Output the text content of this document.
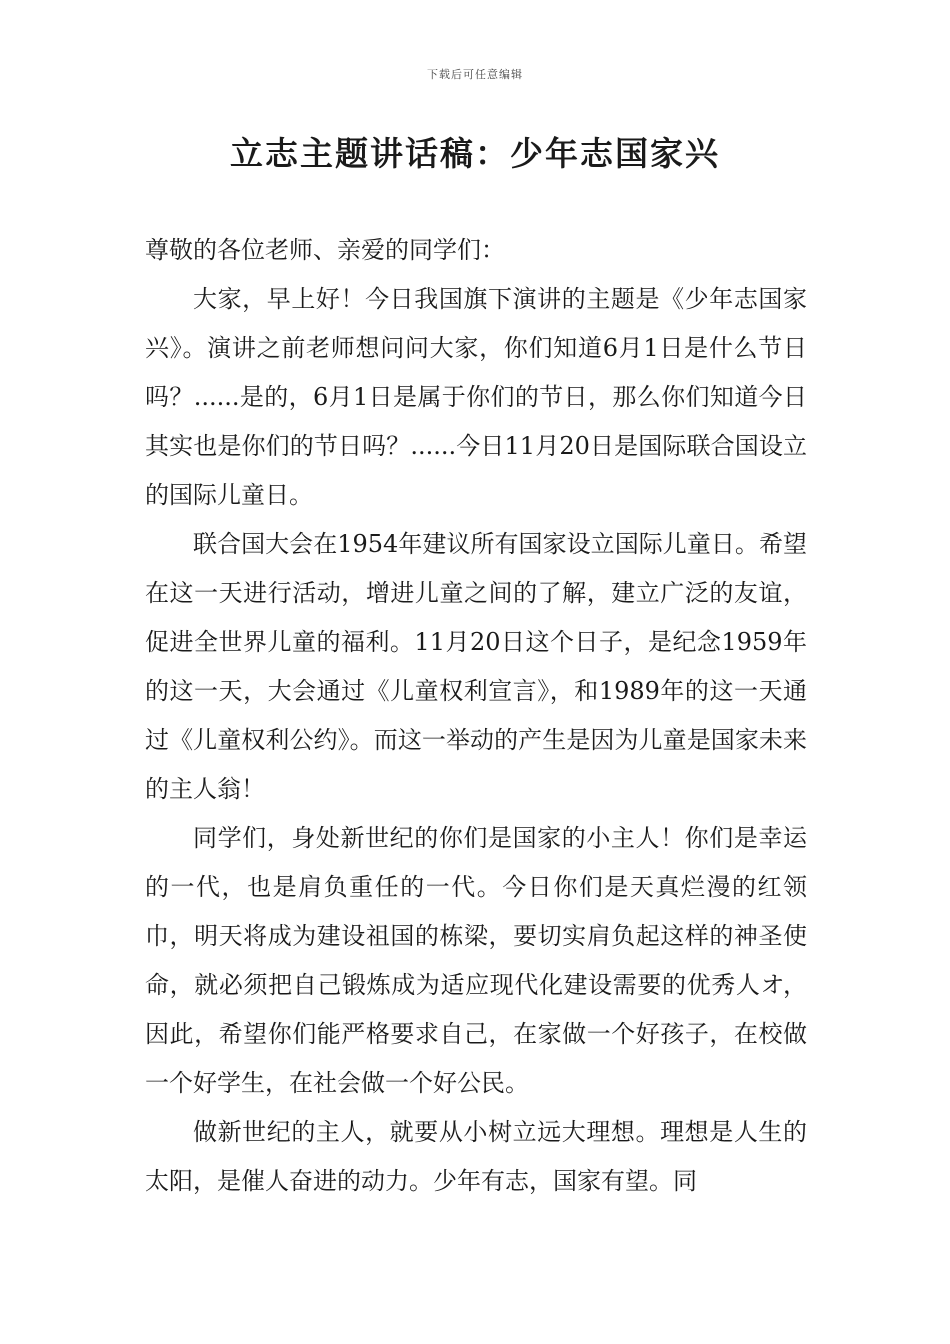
下载后可任意编辑
立志主题讲话稿：少年志国家兴

尊敬的各位老师、亲爱的同学们：

大家，早上好！今日我国旗下演讲的主题是《少年志国家兴》。演讲之前老师想问问大家，你们知道6月1日是什么节日吗？......是的，6月1日是属于你们的节日，那么你们知道今日其实也是你们的节日吗？......今日11月20日是国际联合国设立的国际儿童日。

联合国大会在1954年建议所有国家设立国际儿童日。希望在这一天进行活动，增进儿童之间的了解，建立广泛的友谊，促进全世界儿童的福利。11月20日这个日子，是纪念1959年的这一天，大会通过《儿童权利宣言》，和1989年的这一天通过《儿童权利公约》。而这一举动的产生是因为儿童是国家未来的主人翁！

同学们，身处新世纪的你们是国家的小主人！你们是幸运的一代，也是肩负重任的一代。今日你们是天真烂漫的红领巾，明天将成为建设祖国的栋梁，要切实肩负起这样的神圣使命，就必须把自己锻炼成为适应现代化建设需要的优秀人オ，因此，希望你们能严格要求自己，在家做一个好孩子，在校做一个好学生，在社会做一个好公民。

做新世纪的主人，就要从小树立远大理想。理想是人生的太阳，是催人奋进的动力。少年有志，国家有望。同
